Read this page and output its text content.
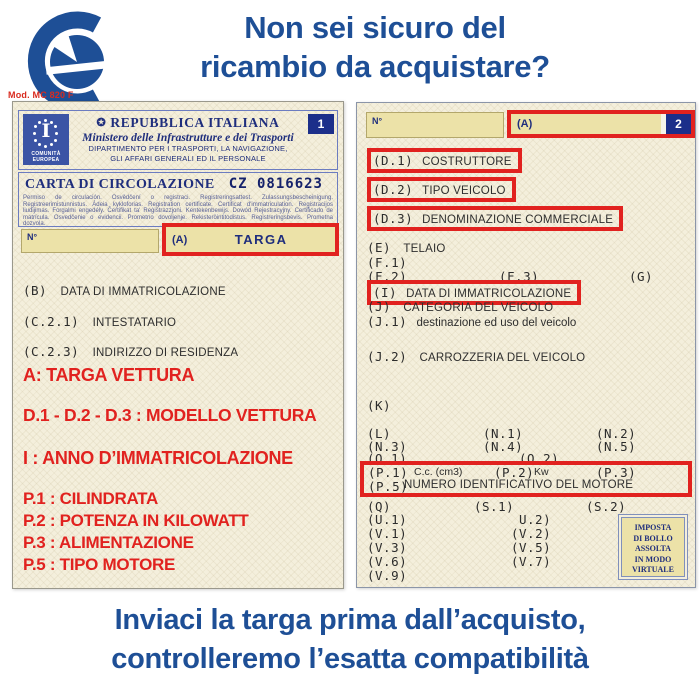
Mod. MC 820 F
Non sei sicuro del
ricambio da acquistare?
I
COMUNITÀ
EUROPEA
1
✪ REPUBBLICA ITALIANA
Ministero delle Infrastrutture e dei Trasporti
DIPARTIMENTO PER I TRASPORTI, LA NAVIGAZIONE,
GLI AFFARI GENERALI ED IL PERSONALE
CARTA DI CIRCOLAZIONE CZ 0816623
Permiso de circulación. Osvědčení o registraci. Registreringsattest. Zulassungsbescheinigung. Registreerimistunnistus. Ádeia kykloforias. Registration certificate. Certificat d'immatriculation. Registracijos liudijimas. Forgalmi engedély. Čertifikat ta' Reġistrazzjoni. Kentekenbewijs. Dowód Rejestracyjny. Certificado de matrícula. Osvedčenie o evidencii. Prometno dovoljenje. Rekisteröintitodistus. Registreringsbevis. Prometna dozvola.
N°	(A)	TARGA
(B) DATA DI IMMATRICOLAZIONE
(C.2.1) INTESTATARIO
(C.2.3) INDIRIZZO DI RESIDENZA
A: TARGA VETTURA
D.1 - D.2 - D.3 : MODELLO VETTURA
I : ANNO D’IMMATRICOLAZIONE
P.1 : CILINDRATA
P.2 : POTENZA IN KILOWATT
P.3 : ALIMENTAZIONE
P.5 : TIPO MOTORE
N°	(A)	2
(D.1) COSTRUTTORE
(D.2) TIPO VEICOLO
(D.3) DENOMINAZIONE COMMERCIALE
(E) TELAIO
(F.1)
(F.2)	(F.3)	(G)
(I) DATA DI IMMATRICOLAZIONE
(J) CATEGORIA DEL VEICOLO
(J.1) destinazione ed uso del veicolo
(J.2) CARROZZERIA DEL VEICOLO
(K)
(L)	(N.1)	(N.2)
(N.3)	(N.4)	(N.5)
(O.1)	(O.2)
(P.1) C.c. (cm3)	(P.2) Kw	(P.3)
(P.5)
NUMERO IDENTIFICATIVO DEL MOTORE
(Q)	(S.1)	(S.2)
(U.1)	U.2)
(V.1)	(V.2)
(V.3)	(V.5)
(V.6)	(V.7)
(V.9)
IMPOSTA
DI BOLLO
ASSOLTA
IN MODO
VIRTUALE
Inviaci la targa prima dall’acquisto,
controlleremo l’esatta compatibilità
